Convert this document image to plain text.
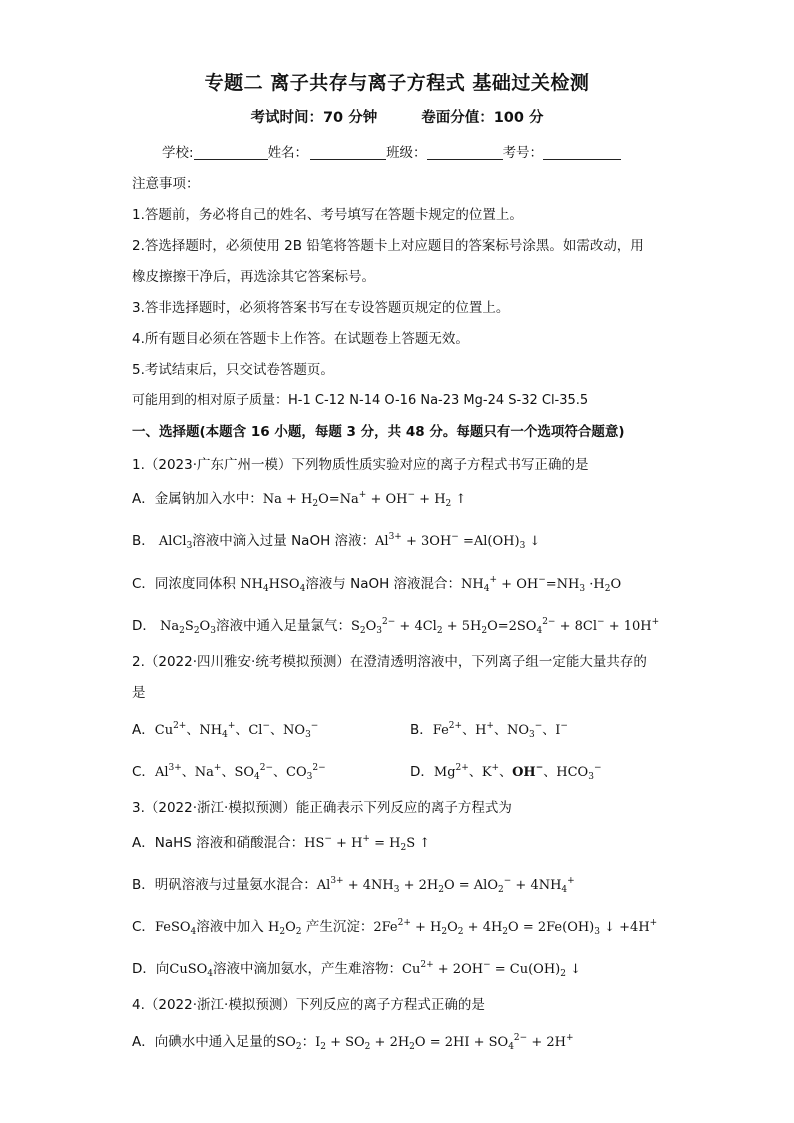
专题二 离子共存与离子方程式 基础过关检测
考试时间：70 分钟	卷面分值：100 分
学校:	姓名：	班级：	考号：
注意事项：
1.答题前，务必将自己的姓名、考号填写在答题卡规定的位置上。
2.答选择题时，必须使用 2B 铅笔将答题卡上对应题目的答案标号涂黑。如需改动，用
橡皮擦擦干净后，再选涂其它答案标号。
3.答非选择题时，必须将答案书写在专设答题页规定的位置上。
4.所有题目必须在答题卡上作答。在试题卷上答题无效。
5.考试结束后，只交试卷答题页。
可能用到的相对原子质量：H-1 C-12 N-14 O-16 Na-23 Mg-24 S-32 Cl-35.5
一、选择题(本题含 16 小题，每题 3 分，共 48 分。每题只有一个选项符合题意)
1.（2023·广东广州一模）下列物质性质实验对应的离子方程式书写正确的是
A．金属钠加入水中：$Na + H_2O=Na^+ + OH^- + H_2$ ↑
B． AlCl$_3$溶液中滴入过量 NaOH 溶液：$Al^{3+} + 3OH^- =Al(OH)_3$ ↓
C．同浓度同体积 $NH_4HSO_4$溶液与 NaOH 溶液混合：$NH_4^+ + OH^-=NH_3 \cdot H_2O$
D． $Na_2S_2O_3$溶液中通入足量氯气：$S_2O_3^{2-} + 4Cl_2 + 5H_2O=2SO_4^{2-} + 8Cl^- + 10H^+$
2.（2022·四川雅安·统考模拟预测）在澄清透明溶液中，下列离子组一定能大量共存的
是
A．$Cu^{2+}$、$NH_4^+$、Cl−、$NO_3^-$	B．$Fe^{2+}$、H+、$NO_3^-$、I−
C．$Al^{3+}$、Na+、$SO_4^{2-}$、$CO_3^{2-}$	D．$Mg^{2+}$、K+、OH−、$HCO_3^-$
3.（2022·浙江·模拟预测）能正确表示下列反应的离子方程式为
A．NaHS 溶液和硝酸混合：$HS^- + H^+ = H_2S$ ↑
B．明矾溶液与过量氨水混合：$Al^{3+} + 4NH_3 + 2H_2O = AlO_2^- + 4NH_4^+$
C．FeSO$_4$溶液中加入 $H_2O_2$ 产生沉淀：$2Fe^{2+} + H_2O_2 + 4H_2O = 2Fe(OH)_3$ ↓ +4H+
D．向CuSO$_4$溶液中滴加氨水，产生难溶物：$Cu^{2+} + 2OH^- = Cu(OH)_2$ ↓
4.（2022·浙江·模拟预测）下列反应的离子方程式正确的是
A．向碘水中通入足量的$SO_2$：$I_2 + SO_2 + 2H_2O = 2HI + SO_4^{2-} + 2H^+$
